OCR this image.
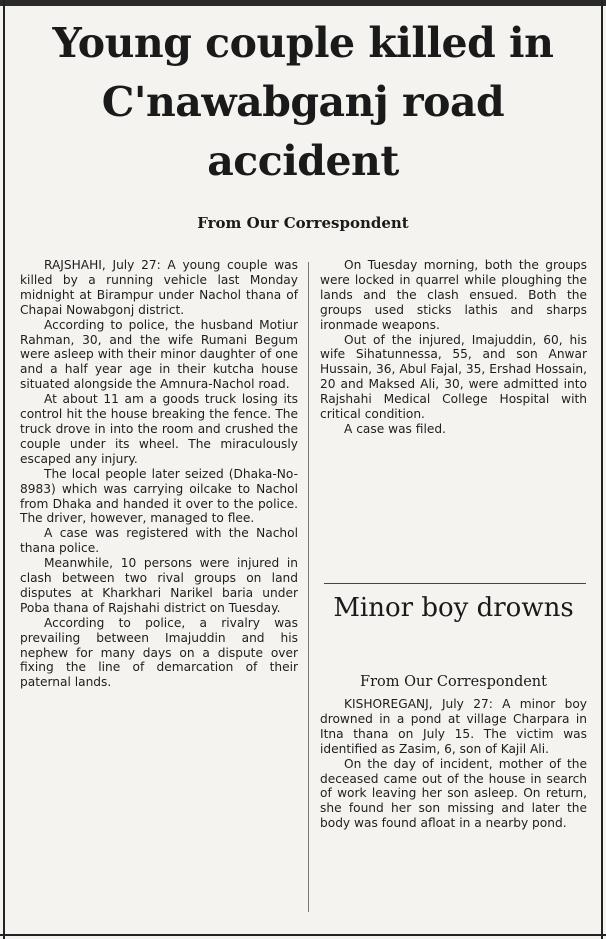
Young couple killed in C'nawabganj road accident
From Our Correspondent

RAJSHAHI, July 27: A young couple was killed by a running vehicle last Monday midnight at Birampur under Nachol thana of Chapai Nowabgonj district.

According to police, the husband Motiur Rahman, 30, and the wife Rumani Begum were asleep with their minor daughter of one and a half year age in their kutcha house situated alongside the Amnura-Nachol road.

At about 11 am a goods truck losing its control hit the house breaking the fence. The truck drove in into the room and crushed the couple under its wheel. The miraculously escaped any injury.

The local people later seized (Dhaka-No-8983) which was carrying oilcake to Nachol from Dhaka and handed it over to the police. The driver, however, managed to flee.

A case was registered with the Nachol thana police.

Meanwhile, 10 persons were injured in clash between two rival groups on land disputes at Kharkhari Narikel baria under Poba thana of Rajshahi district on Tuesday.

According to police, a rivalry was prevailing between Imajuddin and his nephew for many days on a dispute over fixing the line of demarcation of their paternal lands.

On Tuesday morning, both the groups were locked in quarrel while ploughing the lands and the clash ensued. Both the groups used sticks lathis and sharps ironmade weapons.

Out of the injured, Imajuddin, 60, his wife Sihatunnessa, 55, and son Anwar Hussain, 36, Abul Fajal, 35, Ershad Hossain, 20 and Maksed Ali, 30, were admitted into Rajshahi Medical College Hospital with critical condition.

A case was filed.

Minor boy drowns
From Our Correspondent

KISHOREGANJ, July 27: A minor boy drowned in a pond at village Charpara in Itna thana on July 15. The victim was identified as Zasim, 6, son of Kajil Ali.

On the day of incident, mother of the deceased came out of the house in search of work leaving her son asleep. On return, she found her son missing and later the body was found afloat in a nearby pond.
